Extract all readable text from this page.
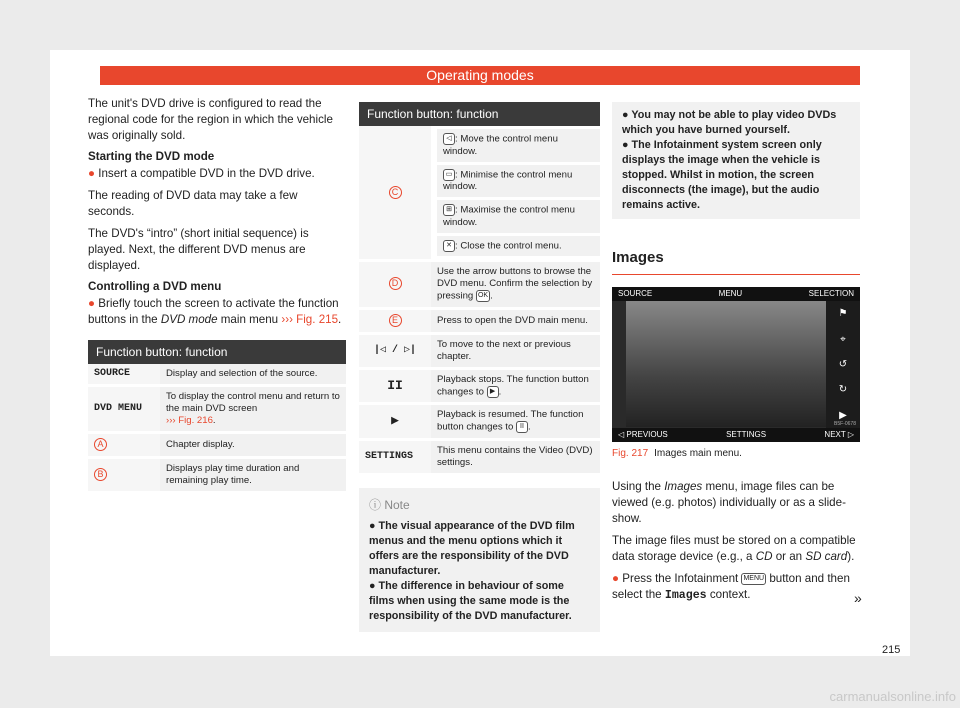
Operating modes

The unit's DVD drive is configured to read the regional code for the region in which the vehicle was originally sold.

Starting the DVD mode

● Insert a compatible DVD in the DVD drive.

The reading of DVD data may take a few seconds.

The DVD's “intro” (short initial sequence) is played. Next, the different DVD menus are displayed.

Controlling a DVD menu

● Briefly touch the screen to activate the function buttons in the DVD mode main menu ››› Fig. 215.

Function button: function	
SOURCE	Display and selection of the source.
DVD MENU	To display the control menu and return to the main DVD screen
››› Fig. 216.
A	Chapter display.
B	Displays play time duration and remaining play time.
Function button: function	
C	◁ : Move the control menu window.
▭ : Minimise the control menu window.
⊞ : Maximise the control menu window.
✕ : Close the control menu.

D	Use the arrow buttons to browse the DVD menu. Confirm the selection by pressing OK .
E	Press to open the DVD main menu.
|◁ / ▷|	To move to the next or previous chapter.
II	Playback stops. The function button changes to ▶ .
▶	Playback is resumed. The function button changes to II .
SETTINGS	This menu contains the Video (DVD) settings.
ⓘ Note

● The visual appearance of the DVD film menus and the menu options which it offers are the responsibility of the DVD manufacturer.

● The difference in behaviour of some films when using the same mode is the responsibility of the DVD manufacturer.

● You may not be able to play video DVDs which you have burned yourself.

● The Infotainment system screen only displays the image when the vehicle is stopped. Whilst in motion, the screen disconnects (the image), but the audio remains active.

Images
SOURCE	MENU	SELECTION
⚑
⌖
↺
↻
▶
◁ PREVIOUS	SETTINGS	NEXT ▷
B5F-0678
Fig. 217 Images main menu.

Using the Images menu, image files can be viewed (e.g. photos) individually or as a slide-show.

The image files must be stored on a compatible data storage device (e.g., a CD or an SD card).

● Press the Infotainment MENU button and then select the Images context.	»
215
carmanualsonline.info
